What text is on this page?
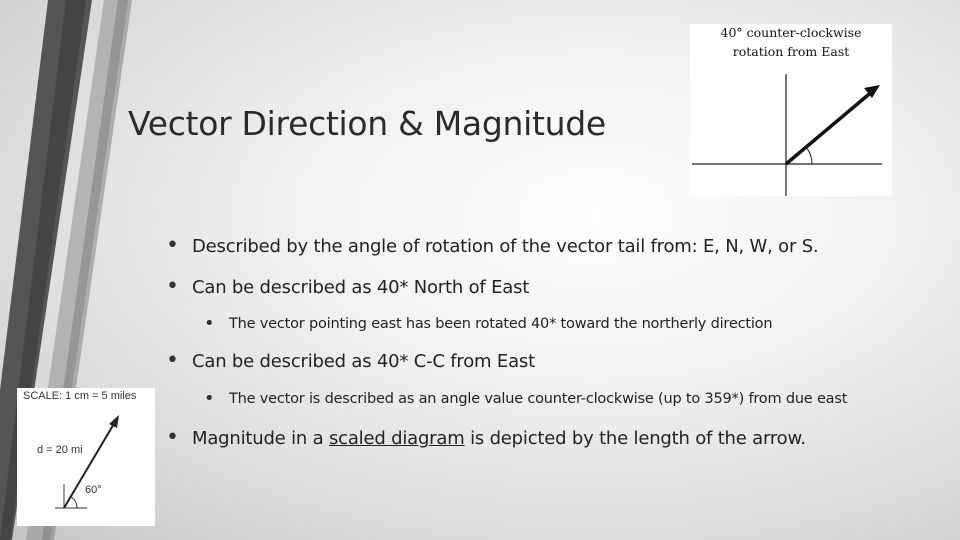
Vector Direction & Magnitude
40° counter-clockwise
rotation from East
SCALE: 1 cm = 5 miles
d = 20 mi
60°
• Described by the angle of rotation of the vector tail from: E, N, W, or S.
• Can be described as 40* North of East
• The vector pointing east has been rotated 40* toward the northerly direction
• Can be described as 40* C-C from East
• The vector is described as an angle value counter-clockwise (up to 359*) from due east
• Magnitude in a scaled diagram is depicted by the length of the arrow.
